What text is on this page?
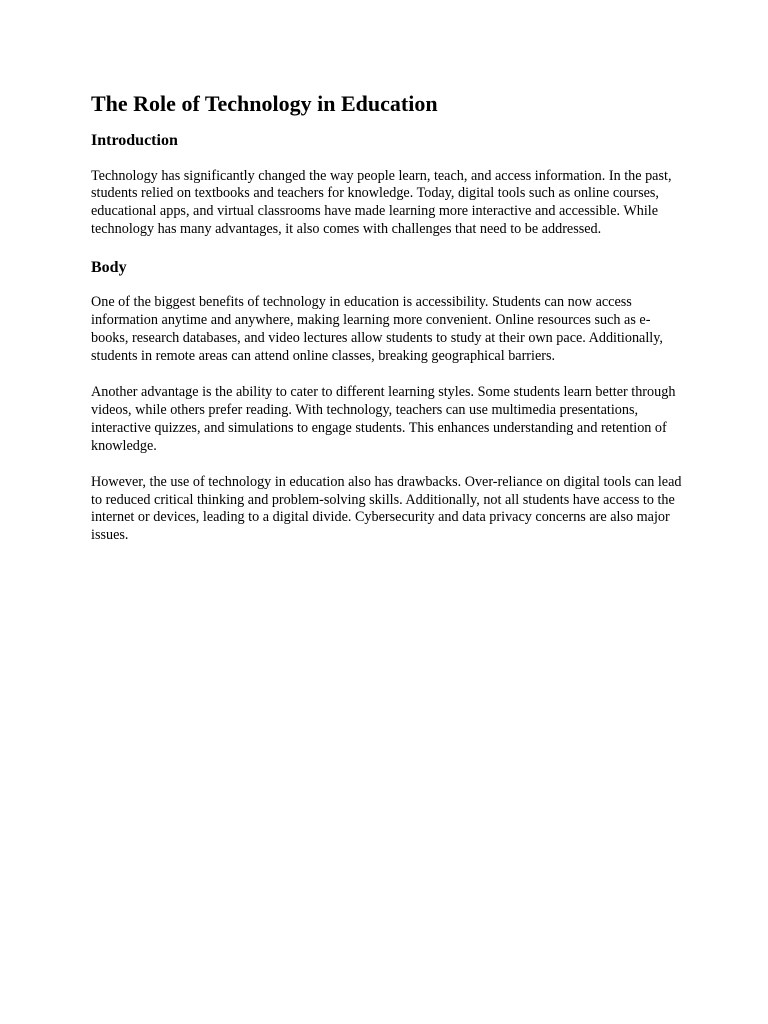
The Role of Technology in Education
Introduction

Technology has significantly changed the way people learn, teach, and access information. In the past, students relied on textbooks and teachers for knowledge. Today, digital tools such as online courses, educational apps, and virtual classrooms have made learning more interactive and accessible. While technology has many advantages, it also comes with challenges that need to be addressed.

Body

One of the biggest benefits of technology in education is accessibility. Students can now access information anytime and anywhere, making learning more convenient. Online resources such as e-books, research databases, and video lectures allow students to study at their own pace. Additionally, students in remote areas can attend online classes, breaking geographical barriers.

Another advantage is the ability to cater to different learning styles. Some students learn better through videos, while others prefer reading. With technology, teachers can use multimedia presentations, interactive quizzes, and simulations to engage students. This enhances understanding and retention of knowledge.

However, the use of technology in education also has drawbacks. Over-reliance on digital tools can lead to reduced critical thinking and problem-solving skills. Additionally, not all students have access to the internet or devices, leading to a digital divide. Cybersecurity and data privacy concerns are also major issues.
